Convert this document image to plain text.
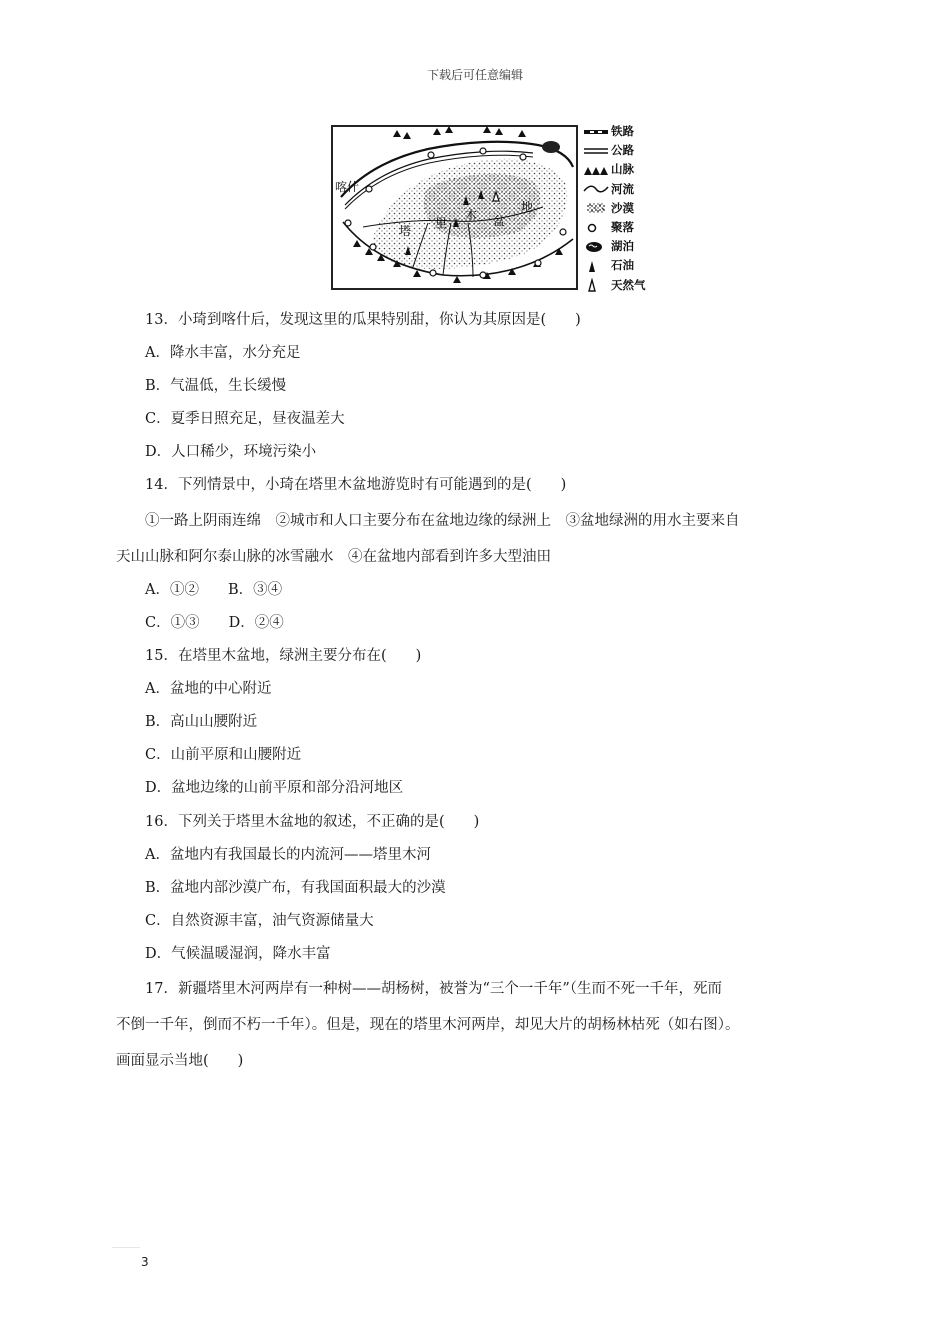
下载后可任意编辑
喀什
塔
里
木 盆
地
铁路
公路
山脉
河流
沙漠
聚落
湖泊
石油
天然气
13．小琦到喀什后，发现这里的瓜果特别甜，你认为其原因是(　　)
A．降水丰富，水分充足
B．气温低，生长缓慢
C．夏季日照充足，昼夜温差大
D．人口稀少，环境污染小
14．下列情景中，小琦在塔里木盆地游览时有可能遇到的是(　　)
①一路上阴雨连绵　②城市和人口主要分布在盆地边缘的绿洲上　③盆地绿洲的用水主要来自
天山山脉和阿尔泰山脉的冰雪融水　④在盆地内部看到许多大型油田
A．①②　　B．③④
C．①③　　D．②④
15．在塔里木盆地，绿洲主要分布在(　　)
A．盆地的中心附近
B．高山山腰附近
C．山前平原和山腰附近
D．盆地边缘的山前平原和部分沿河地区
16．下列关于塔里木盆地的叙述，不正确的是(　　)
A．盆地内有我国最长的内流河——塔里木河
B．盆地内部沙漠广布，有我国面积最大的沙漠
C．自然资源丰富，油气资源储量大
D．气候温暖湿润，降水丰富
17．新疆塔里木河两岸有一种树——胡杨树，被誉为“三个一千年”（生而不死一千年，死而
不倒一千年，倒而不朽一千年）。但是，现在的塔里木河两岸，却见大片的胡杨林枯死（如右图）。
画面显示当地(　　)
3
